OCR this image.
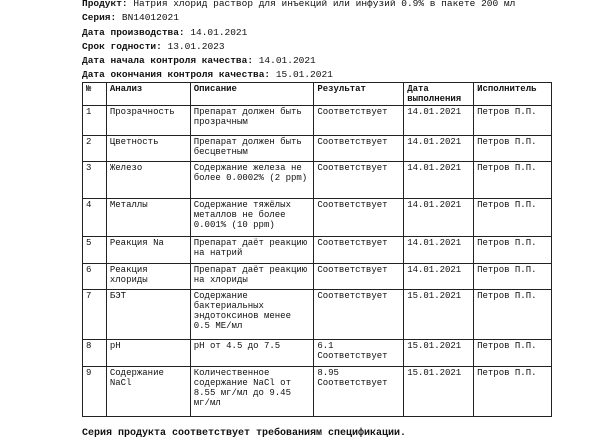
Продукт: Натрия хлорид раствор для инъекций или инфузий 0.9% в пакете 200 мл
Серия: BN14012021
Дата производства: 14.01.2021
Срок годности: 13.01.2023
Дата начала контроля качества: 14.01.2021
Дата окончания контроля качества: 15.01.2021
№	Анализ	Описание	Результат	Дата выполнения	Исполнитель
1	Прозрачность	Препарат должен быть прозрачным	Соответствует	14.01.2021	Петров П.П.
2	Цветность	Препарат должен быть бесцветным	Соответствует	14.01.2021	Петров П.П.
3	Железо	Содержание железа не более 0.0002% (2 ppm)	Соответствует	14.01.2021	Петров П.П.
4	Металлы	Содержание тяжёлых металлов не более 0.001% (10 ppm)	Соответствует	14.01.2021	Петров П.П.
5	Реакция Na	Препарат даёт реакцию на натрий	Соответствует	14.01.2021	Петров П.П.
6	Реакция хлориды	Препарат даёт реакцию на хлориды	Соответствует	14.01.2021	Петров П.П.
7	БЭТ	Содержание бактериальных эндотоксинов менее 0.5 МЕ/мл	Соответствует	15.01.2021	Петров П.П.
8	pH	pH от 4.5 до 7.5	6.1 Соответствует	15.01.2021	Петров П.П.
9	Содержание NaCl	Количественное содержание NaCl от 8.55 мг/мл до 9.45 мг/мл	8.95 Соответствует	15.01.2021	Петров П.П.
Серия продукта соответствует требованиям спецификации.
